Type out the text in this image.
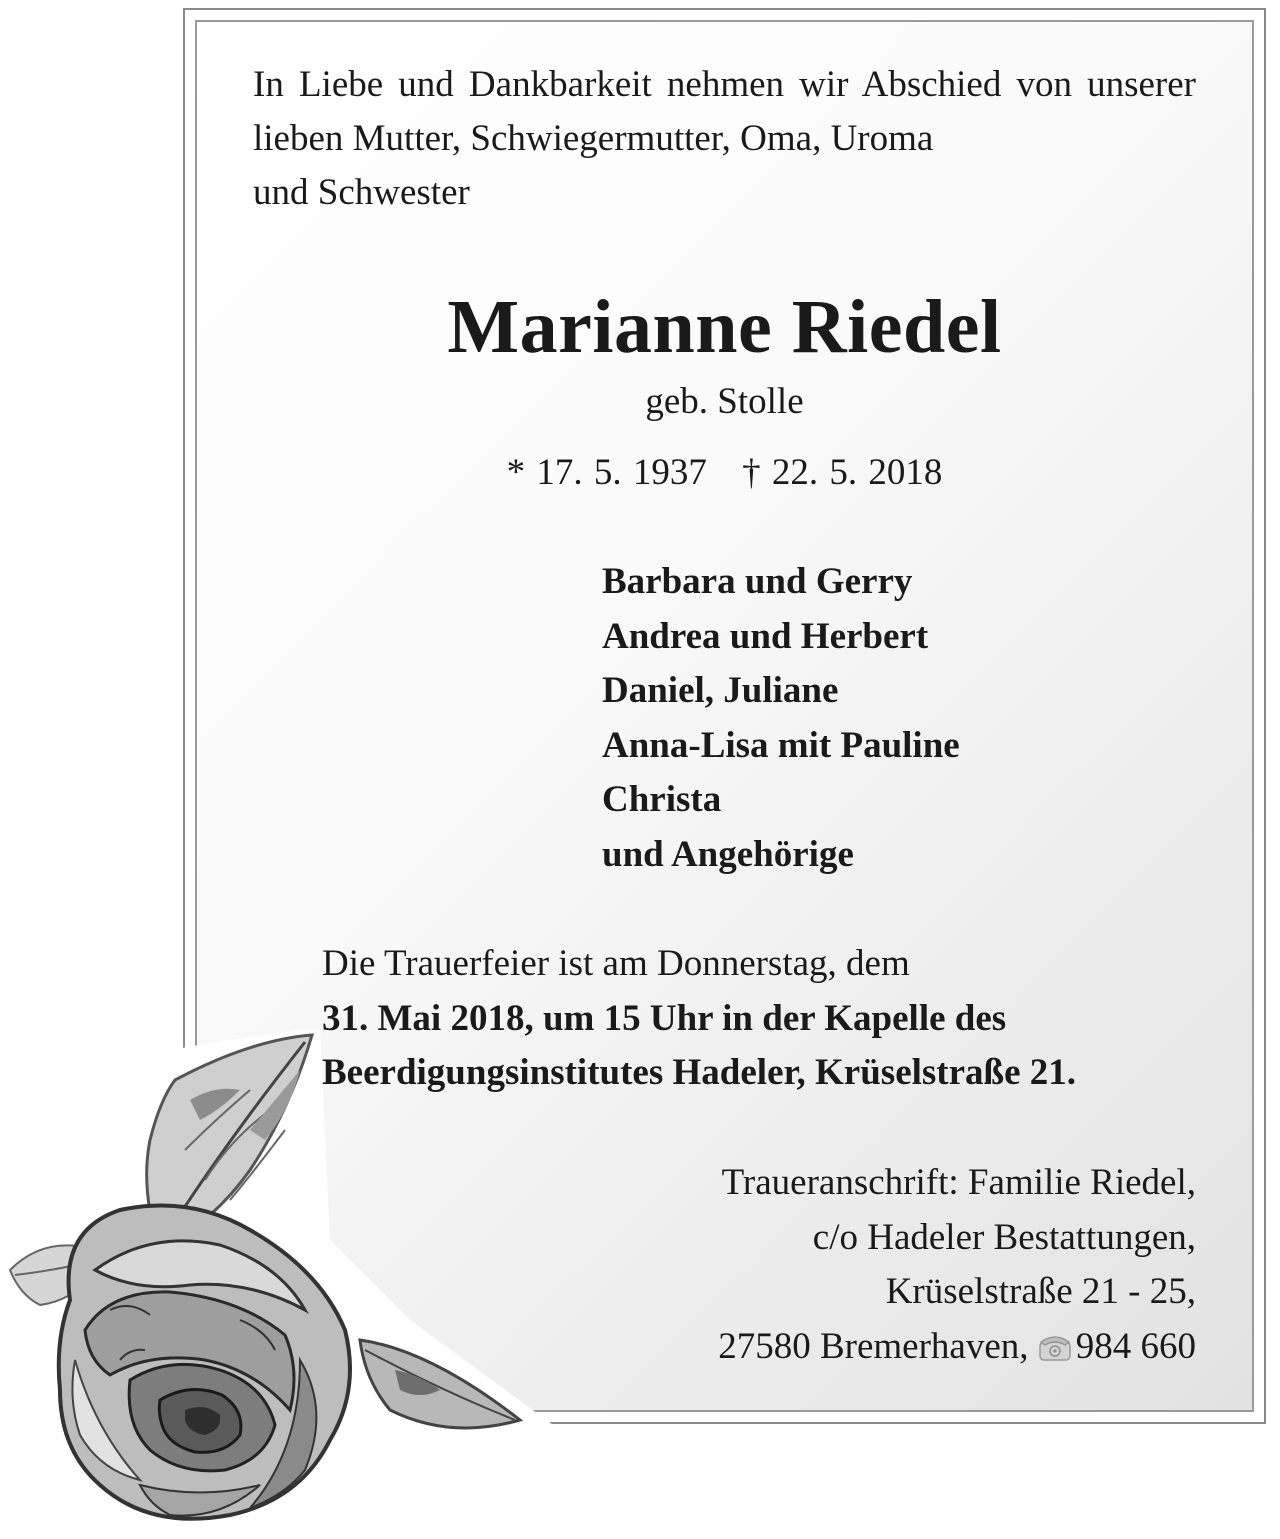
In Liebe und Dankbarkeit nehmen wir Abschied von unserer lieben Mutter, Schwiegermutter, Oma, Uroma
und Schwester

Marianne Riedel
geb. Stolle
* 17. 5. 1937 † 22. 5. 2018
Barbara und Gerry
Andrea und Herbert
Daniel, Juliane
Anna-Lisa mit Pauline
Christa
und Angehörige
Die Trauerfeier ist am Donnerstag, dem
31. Mai 2018, um 15 Uhr in der Kapelle des
Beerdigungsinstitutes Hadeler, Krüselstraße 21.
Traueranschrift: Familie Riedel,
c/o Hadeler Bestattungen,
Krüselstraße 21 - 25,
27580 Bremerhaven, 984 660
